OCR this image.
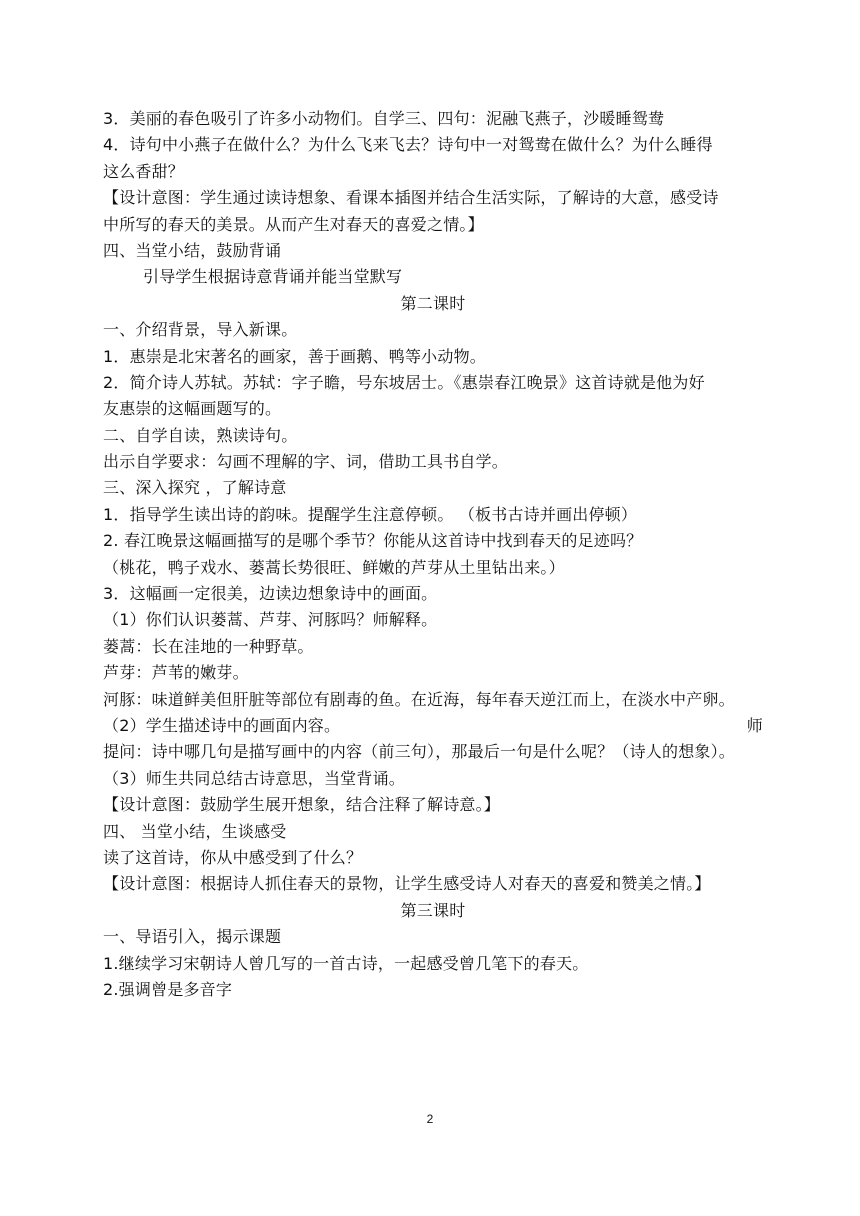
3．美丽的春色吸引了许多小动物们。自学三、四句：泥融飞燕子，沙暖睡鸳鸯
4．诗句中小燕子在做什么？为什么飞来飞去？诗句中一对鸳鸯在做什么？为什么睡得
这么香甜？
【设计意图：学生通过读诗想象、看课本插图并结合生活实际，了解诗的大意，感受诗
中所写的春天的美景。从而产生对春天的喜爱之情。】
四、当堂小结，鼓励背诵
引导学生根据诗意背诵并能当堂默写
第二课时
一、介绍背景，导入新课。
1．惠崇是北宋著名的画家，善于画鹅、鸭等小动物。
2．简介诗人苏轼。苏轼：字子瞻，号东坡居士。《惠崇春江晚景》这首诗就是他为好
友惠崇的这幅画题写的。
二、自学自读，熟读诗句。
出示自学要求：勾画不理解的字、词，借助工具书自学。
三、深入探究 ，了解诗意
1．指导学生读出诗的韵味。提醒学生注意停顿。 （板书古诗并画出停顿）
2. 春江晚景这幅画描写的是哪个季节？你能从这首诗中找到春天的足迹吗？
（桃花，鸭子戏水、蒌蒿长势很旺、鲜嫩的芦芽从土里钻出来。）
3．这幅画一定很美，边读边想象诗中的画面。
（1）你们认识蒌蒿、芦芽、河豚吗？师解释。
蒌蒿：长在洼地的一种野草。
芦芽：芦苇的嫩芽。
河豚：味道鲜美但肝脏等部位有剧毒的鱼。在近海，每年春天逆江而上，在淡水中产卵。
（2）学生描述诗中的画面内容。	师
提问：诗中哪几句是描写画中的内容（前三句），那最后一句是什么呢？（诗人的想象）。
（3）师生共同总结古诗意思，当堂背诵。
【设计意图：鼓励学生展开想象，结合注释了解诗意。】
四、 当堂小结，生谈感受
读了这首诗，你从中感受到了什么？
【设计意图：根据诗人抓住春天的景物，让学生感受诗人对春天的喜爱和赞美之情。】
第三课时
一、导语引入，揭示课题
1.继续学习宋朝诗人曾几写的一首古诗，一起感受曾几笔下的春天。
2.强调曾是多音字
2
